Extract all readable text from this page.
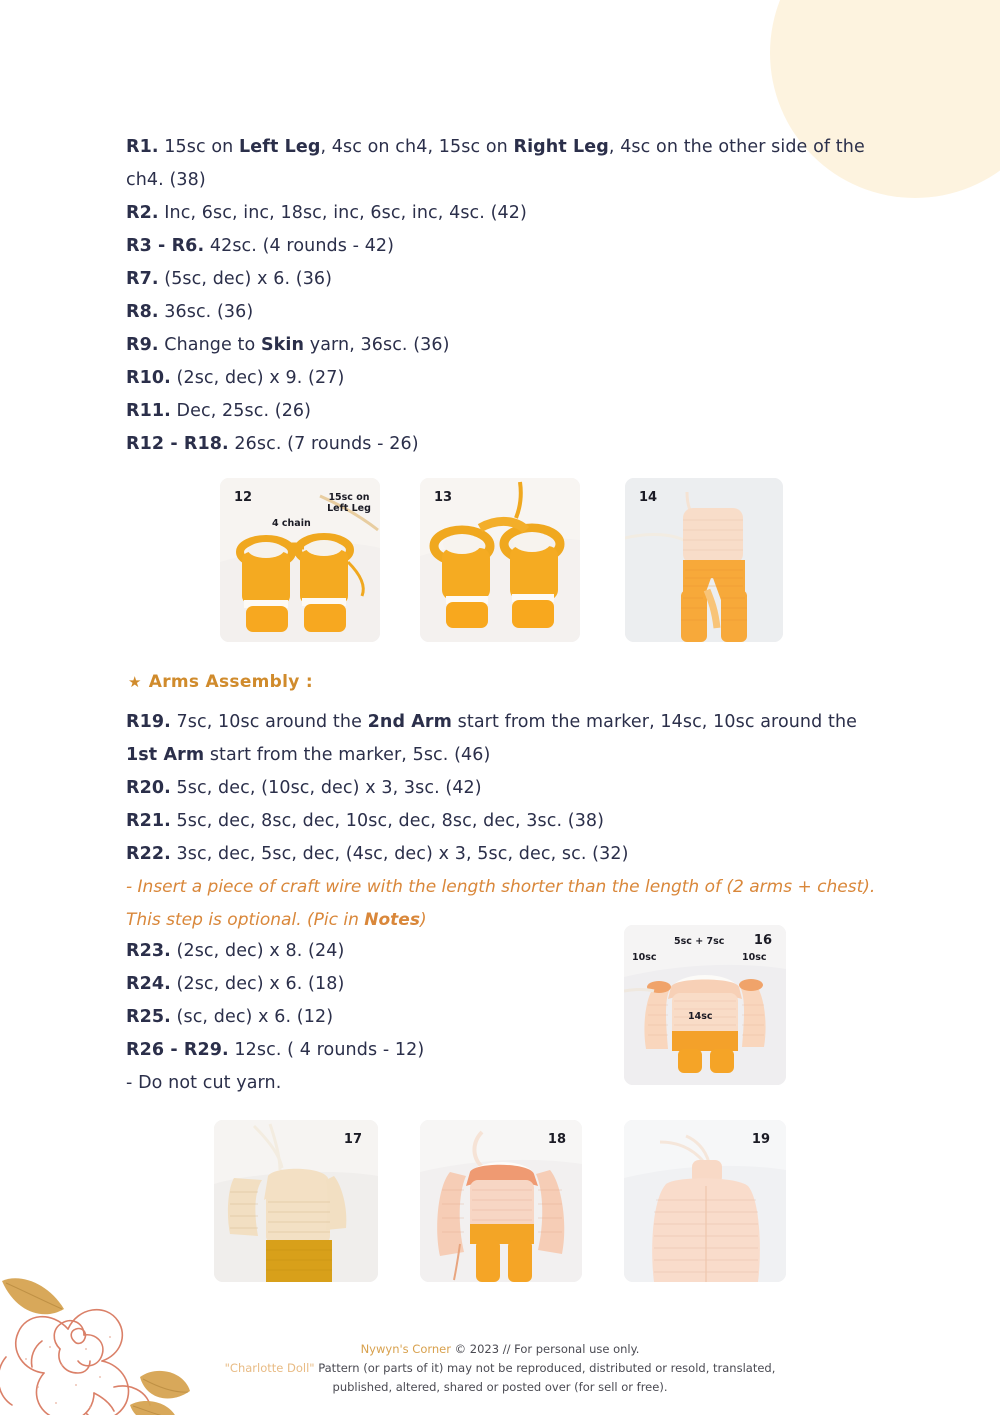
R1. 15sc on Left Leg, 4sc on ch4, 15sc on Right Leg, 4sc on the other side of the ch4. (38)

R2. Inc, 6sc, inc, 18sc, inc, 6sc, inc, 4sc. (42)

R3 - R6. 42sc. (4 rounds - 42)

R7. (5sc, dec) x 6. (36)

R8. 36sc. (36)

R9. Change to Skin yarn, 36sc. (36)

R10. (2sc, dec) x 9. (27)

R11. Dec, 25sc. (26)

R12 - R18. 26sc. (7 rounds - 26)

12
4 chain
15sc on Left Leg
13	14
★ Arms Assembly :

R19. 7sc, 10sc around the 2nd Arm start from the marker, 14sc, 10sc around the 1st Arm start from the marker, 5sc. (46)

R20. 5sc, dec, (10sc, dec) x 3, 3sc. (42)

R21. 5sc, dec, 8sc, dec, 10sc, dec, 8sc, dec, 3sc. (38)

R22. 3sc, dec, 5sc, dec, (4sc, dec) x 3, 5sc, dec, sc. (32)

- Insert a piece of craft wire with the length shorter than the length of (2 arms + chest). This step is optional. (Pic in Notes)

R23. (2sc, dec) x 8. (24)

R24. (2sc, dec) x 6. (18)

R25. (sc, dec) x 6. (12)

R26 - R29. 12sc. ( 4 rounds - 12)

- Do not cut yarn.

16
5sc + 7sc
10sc	10sc
14sc
17	18	19
Nywyn's Corner © 2023 // For personal use only.
"Charlotte Doll" Pattern (or parts of it) may not be reproduced, distributed or resold, translated,
published, altered, shared or posted over (for sell or free).
